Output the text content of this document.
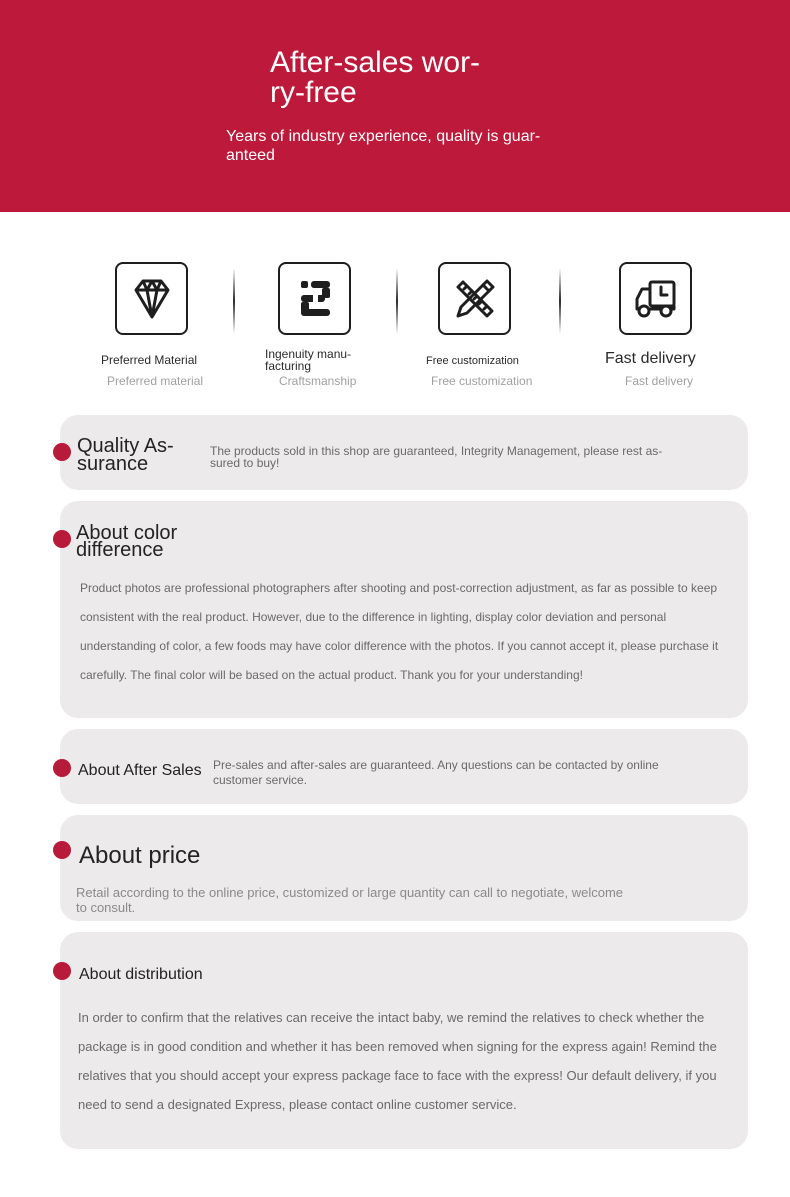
After-sales wor-
ry-free
Years of industry experience, quality is guar-
anteed
Preferred Material
Preferred material
Ingenuity manu-
facturing
Craftsmanship
Free customization
Free customization
Fast delivery
Fast delivery
Quality As-
surance
The products sold in this shop are guaranteed, Integrity Management, please rest as-
sured to buy!
About color
difference
Product photos are professional photographers after shooting and post-correction adjustment, as far as possible to keep consistent with the real product. However, due to the difference in lighting, display color deviation and personal understanding of color, a few foods may have color difference with the photos. If you cannot accept it, please purchase it carefully. The final color will be based on the actual product. Thank you for your understanding!
About After Sales Pre-sales and after-sales are guaranteed. Any questions can be contacted by online
customer service.
About price
Retail according to the online price, customized or large quantity can call to negotiate, welcome
to consult.
About distribution
In order to confirm that the relatives can receive the intact baby, we remind the relatives to check whether the package is in good condition and whether it has been removed when signing for the express again! Remind the relatives that you should accept your express package face to face with the express! Our default delivery, if you need to send a designated Express, please contact online customer service.
